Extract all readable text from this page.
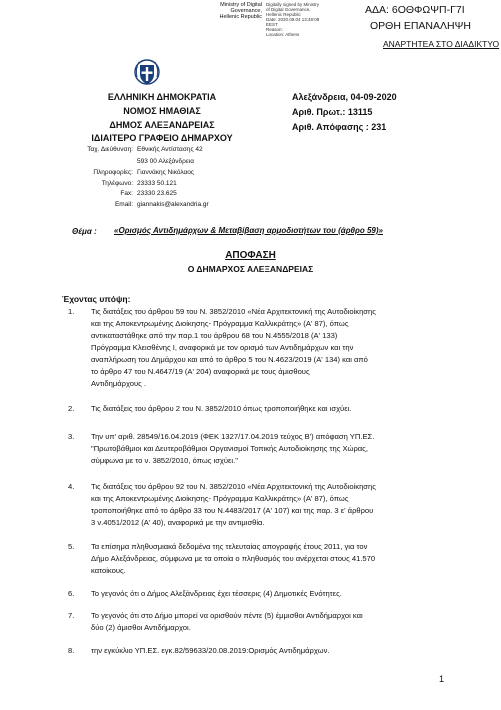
ΑΔΑ: 6ΟΘΦΩΨΠ-Γ7Ι
ΟΡΘΗ ΕΠΑΝΑΛΗΨΗ
ΑΝΑΡΤΗΤΕΑ ΣΤΟ ΔΙΑΔΙΚΤΥΟ
Ministry of Digital
Governance,
Hellenic Republic
Digitally signed by Ministry
of Digital Governance,
Hellenic Republic
Date: 2020.09.04 13:48:08
EEST
Reason:
Location: Athens
ΕΛΛΗΝΙΚΗ ΔΗΜΟΚΡΑΤΙΑ
ΝΟΜΟΣ ΗΜΑΘΙΑΣ
ΔΗΜΟΣ ΑΛΕΞΑΝΔΡΕΙΑΣ
ΙΔΙΑΙΤΕΡΟ ΓΡΑΦΕΙΟ ΔΗΜΑΡΧΟΥ
Αλεξάνδρεια, 04-09-2020
Αριθ. Πρωτ.: 13115
Αριθ. Απόφασης : 231
Ταχ. Διεύθυνση: Εθνικής Αντίστασης 42
593 00 Αλεξάνδρεια
Πληροφορίες: Γιαννάκης Νικόλαος
Τηλέφωνο: 23333 50.121
Fax: 23330 23.625
Email: giannakis@alexandria.gr
Θέμα : «Ορισμός Αντιδημάρχων & Μεταβίβαση αρμοδιοτήτων του (άρθρο 59)»
ΑΠΟΦΑΣΗ
Ο ΔΗΜΑΡΧΟΣ ΑΛΕΞΑΝΔΡΕΙΑΣ
Έχοντας υπόψη:
1. Τις διατάξεις του άρθρου 59 του Ν. 3852/2010 «Νέα Αρχιτεκτονική της Αυτοδιοίκησης
και της Αποκεντρωμένης Διοίκησης- Πρόγραμμα Καλλικράτης» (Α' 87), όπως
αντικαταστάθηκε από την παρ.1 του άρθρου 68 του Ν.4555/2018 (Α' 133)
Πρόγραμμα Κλεισθένης Ι, αναφορικά με τον ορισμό των Αντιδημάρχων και την
αναπλήρωση του Δημάρχου και από το άρθρο 5 του Ν.4623/2019 (Α' 134) και από
το άρθρο 47 του Ν.4647/19 (Α' 204) αναφορικά με τους άμισθους
Αντιδημάρχους .
2. Τις διατάξεις του άρθρου 2 του Ν. 3852/2010 όπως τροποποιήθηκε και ισχύει.
3. Την υπ' αριθ. 28549/16.04.2019 (ΦΕΚ 1327/17.04.2019 τεύχος Β') απόφαση ΥΠ.ΕΣ.
"Πρωτοβάθμιοι και Δευτεροβάθμιοι Οργανισμοί Τοπικής Αυτοδιοίκησης της Χώρας,
σύμφωνα με το ν. 3852/2010, όπως ισχύει."
4. Τις διατάξεις του άρθρου 92 του Ν. 3852/2010 «Νέα Αρχιτεκτονική της Αυτοδιοίκησης
και της Αποκεντρωμένης Διοίκησης- Πρόγραμμα Καλλικράτης» (Α' 87), όπως
τροποποιήθηκε από το άρθρο 33 του Ν.4483/2017 (Α' 107) και της παρ. 3 ε' άρθρου
3 ν.4051/2012 (Α' 40), αναφορικά με την αντιμισθία.
5. Τα επίσημα πληθυσμιακά δεδομένα της τελευταίας απογραφής έτους 2011, για τον
Δήμο Αλεξάνδρειας, σύμφωνα με τα οποία ο πληθυσμός του ανέρχεται στους 41.570
κατοίκους.
6. Το γεγονός ότι ο Δήμος Αλεξάνδρειας έχει τέσσερις (4) Δημοτικές Ενότητες.
7. Το γεγονός ότι στο Δήμο μπορεί να ορισθούν πέντε (5) έμμισθοι Αντιδήμαρχοι και
δύο (2) άμισθοι Αντιδήμαρχοι.
8. την εγκύκλιο ΥΠ.ΕΣ. εγκ.82/59633/20.08.2019:Ορισμός Αντιδημάρχων.
1
